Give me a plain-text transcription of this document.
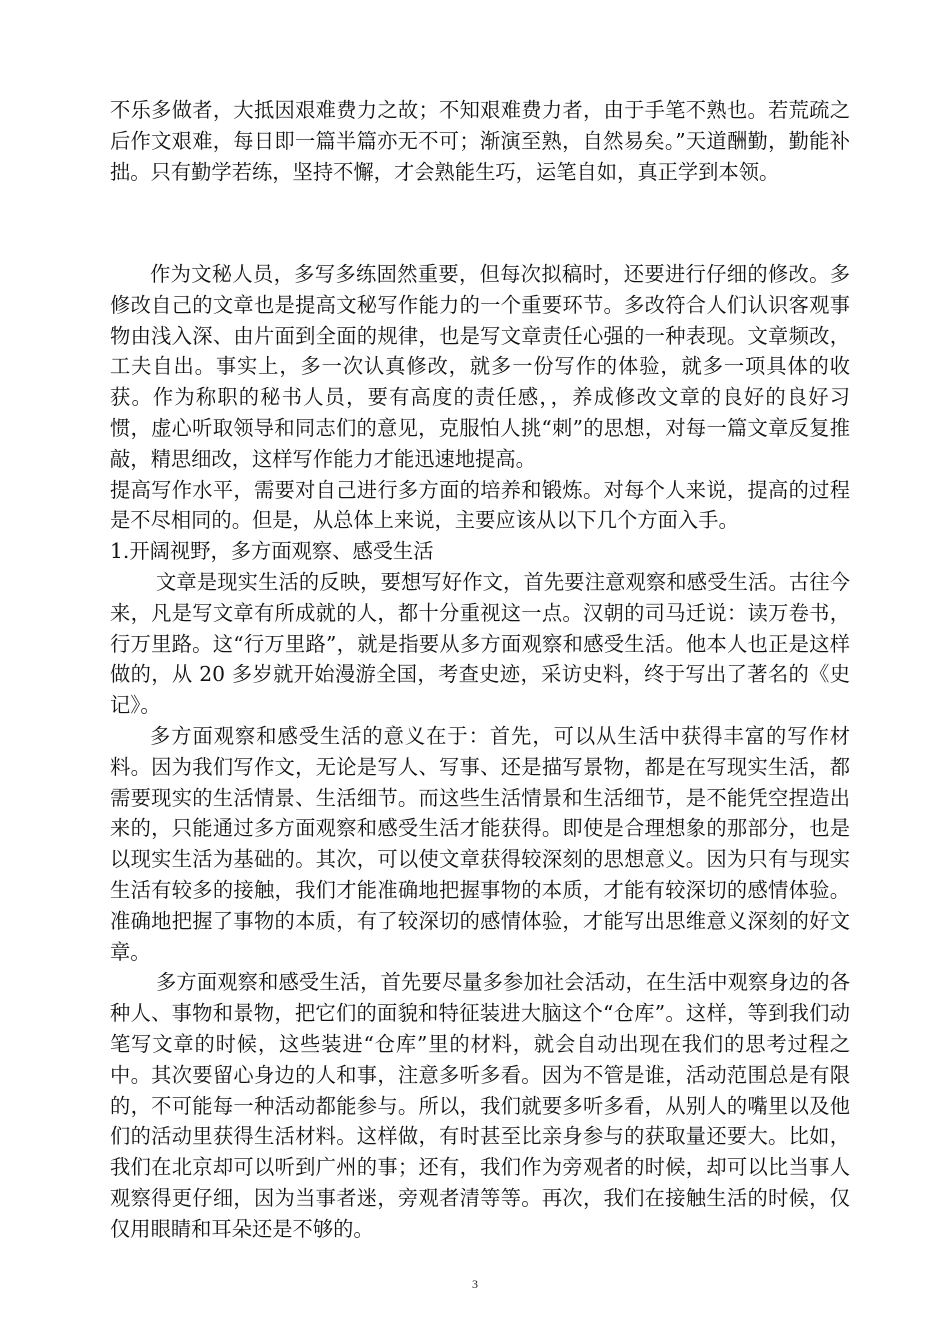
不乐多做者，大抵因艰难费力之故；不知艰难费力者，由于手笔不熟也。若荒疏之后作文艰难，每日即一篇半篇亦无不可；渐演至熟，自然易矣。”天道酬勤，勤能补拙。只有勤学若练，坚持不懈，才会熟能生巧，运笔自如，真正学到本领。

作为文秘人员，多写多练固然重要，但每次拟稿时，还要进行仔细的修改。多修改自己的文章也是提高文秘写作能力的一个重要环节。多改符合人们认识客观事物由浅入深、由片面到全面的规律，也是写文章责任心强的一种表现。文章频改，工夫自出。事实上，多一次认真修改，就多一份写作的体验，就多一项具体的收获。作为称职的秘书人员，要有高度的责任感，，养成修改文章的良好的良好习惯，虚心听取领导和同志们的意见，克服怕人挑“刺”的思想，对每一篇文章反复推敲，精思细改，这样写作能力才能迅速地提高。

提高写作水平，需要对自己进行多方面的培养和锻炼。对每个人来说，提高的过程是不尽相同的。但是，从总体上来说，主要应该从以下几个方面入手。

1.开阔视野，多方面观察、感受生活

文章是现实生活的反映，要想写好作文，首先要注意观察和感受生活。古往今来，凡是写文章有所成就的人，都十分重视这一点。汉朝的司马迁说：读万卷书，行万里路。这“行万里路”，就是指要从多方面观察和感受生活。他本人也正是这样做的，从 20 多岁就开始漫游全国，考查史迹，采访史料，终于写出了著名的《史记》。

多方面观察和感受生活的意义在于：首先，可以从生活中获得丰富的写作材料。因为我们写作文，无论是写人、写事、还是描写景物，都是在写现实生活，都需要现实的生活情景、生活细节。而这些生活情景和生活细节，是不能凭空捏造出来的，只能通过多方面观察和感受生活才能获得。即使是合理想象的那部分，也是以现实生活为基础的。其次，可以使文章获得较深刻的思想意义。因为只有与现实生活有较多的接触，我们才能准确地把握事物的本质，才能有较深切的感情体验。准确地把握了事物的本质，有了较深切的感情体验，才能写出思维意义深刻的好文章。

多方面观察和感受生活，首先要尽量多参加社会活动，在生活中观察身边的各种人、事物和景物，把它们的面貌和特征装进大脑这个“仓库”。这样，等到我们动笔写文章的时候，这些装进“仓库”里的材料，就会自动出现在我们的思考过程之中。其次要留心身边的人和事，注意多听多看。因为不管是谁，活动范围总是有限的，不可能每一种活动都能参与。所以，我们就要多听多看，从别人的嘴里以及他们的活动里获得生活材料。这样做，有时甚至比亲身参与的获取量还要大。比如，我们在北京却可以听到广州的事；还有，我们作为旁观者的时候，却可以比当事人观察得更仔细，因为当事者迷，旁观者清等等。再次，我们在接触生活的时候，仅仅用眼睛和耳朵还是不够的。

3
